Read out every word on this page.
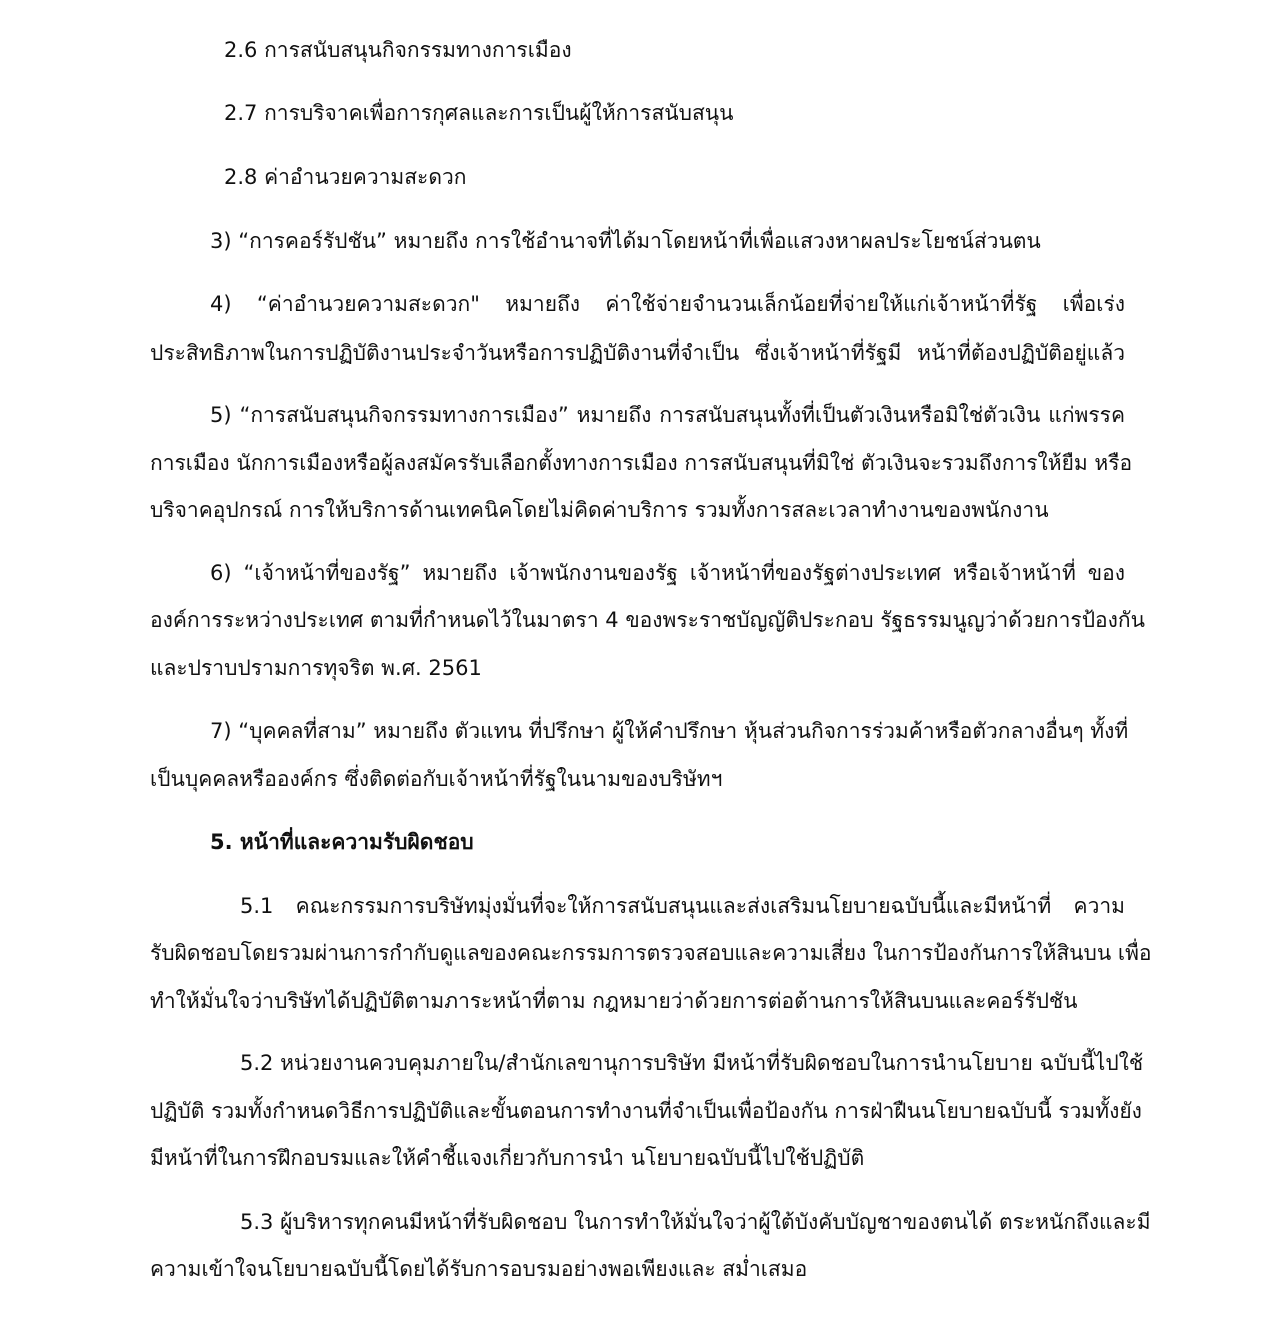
2.6 การสนับสนุนกิจกรรมทางการเมือง
2.7 การบริจาคเพื่อการกุศลและการเป็นผู้ให้การสนับสนุน
2.8 ค่าอำนวยความสะดวก
3) “การคอร์รัปชัน” หมายถึง การใช้อำนาจที่ได้มาโดยหน้าที่เพื่อแสวงหาผลประโยชน์ส่วนตน
4) “ค่าอำนวยความสะดวก" หมายถึง ค่าใช้จ่ายจำนวนเล็กน้อยที่จ่ายให้แก่เจ้าหน้าที่รัฐ เพื่อเร่ง
ประสิทธิภาพในการปฏิบัติงานประจำวันหรือการปฏิบัติงานที่จำเป็น ซึ่งเจ้าหน้าที่รัฐมี หน้าที่ต้องปฏิบัติอยู่แล้ว
5) “การสนับสนุนกิจกรรมทางการเมือง” หมายถึง การสนับสนุนทั้งที่เป็นตัวเงินหรือมิใช่ตัวเงิน แก่พรรค
การเมือง นักการเมืองหรือผู้ลงสมัครรับเลือกตั้งทางการเมือง การสนับสนุนที่มิใช่ ตัวเงินจะรวมถึงการให้ยืม หรือ
บริจาคอุปกรณ์ การให้บริการด้านเทคนิคโดยไม่คิดค่าบริการ รวมทั้งการสละเวลาทำงานของพนักงาน
6) “เจ้าหน้าที่ของรัฐ” หมายถึง เจ้าพนักงานของรัฐ เจ้าหน้าที่ของรัฐต่างประเทศ หรือเจ้าหน้าที่ ของ
องค์การระหว่างประเทศ ตามที่กำหนดไว้ในมาตรา 4 ของพระราชบัญญัติประกอบ รัฐธรรมนูญว่าด้วยการป้องกัน
และปราบปรามการทุจริต พ.ศ. 2561
7) “บุคคลที่สาม” หมายถึง ตัวแทน ที่ปรึกษา ผู้ให้คำปรึกษา หุ้นส่วนกิจการร่วมค้าหรือตัวกลางอื่นๆ ทั้งที่
เป็นบุคคลหรือองค์กร ซึ่งติดต่อกับเจ้าหน้าที่รัฐในนามของบริษัทฯ
5. หน้าที่และความรับผิดชอบ
5.1 คณะกรรมการบริษัทมุ่งมั่นที่จะให้การสนับสนุนและส่งเสริมนโยบายฉบับนี้และมีหน้าที่ ความ
รับผิดชอบโดยรวมผ่านการกำกับดูแลของคณะกรรมการตรวจสอบและความเสี่ยง ในการป้องกันการให้สินบน เพื่อ
ทำให้มั่นใจว่าบริษัทได้ปฏิบัติตามภาระหน้าที่ตาม กฎหมายว่าด้วยการต่อต้านการให้สินบนและคอร์รัปชัน
5.2 หน่วยงานควบคุมภายใน/สำนักเลขานุการบริษัท มีหน้าที่รับผิดชอบในการนำนโยบาย ฉบับนี้ไปใช้
ปฏิบัติ รวมทั้งกำหนดวิธีการปฏิบัติและขั้นตอนการทำงานที่จำเป็นเพื่อป้องกัน การฝ่าฝืนนโยบายฉบับนี้ รวมทั้งยัง
มีหน้าที่ในการฝึกอบรมและให้คำชี้แจงเกี่ยวกับการนำ นโยบายฉบับนี้ไปใช้ปฏิบัติ
5.3 ผู้บริหารทุกคนมีหน้าที่รับผิดชอบ ในการทำให้มั่นใจว่าผู้ใต้บังคับบัญชาของตนได้ ตระหนักถึงและมี
ความเข้าใจนโยบายฉบับนี้โดยได้รับการอบรมอย่างพอเพียงและ สม่ำเสมอ
